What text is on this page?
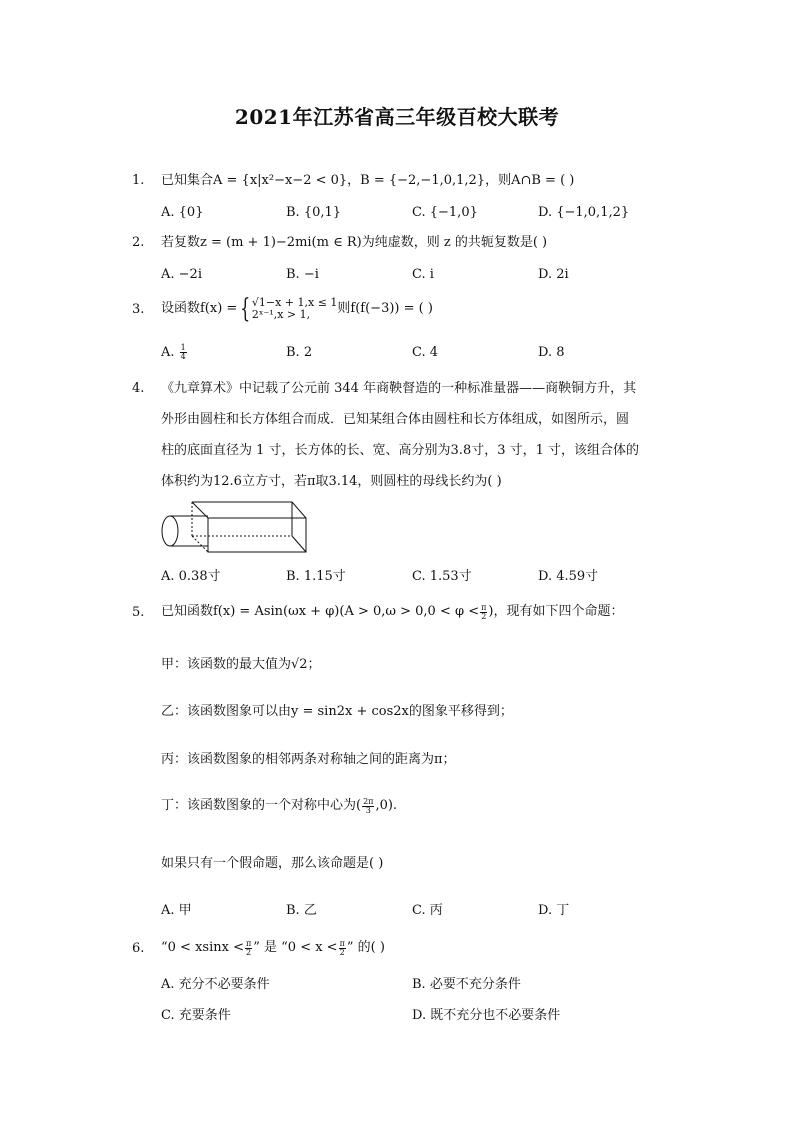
2021年江苏省高三年级百校大联考
1. 已知集合A = {x|x²−x−2 < 0}，B = {−2,−1,0,1,2}，则A∩B = ( )
A. {0}	B. {0,1}	C. {−1,0}	D. {−1,0,1,2}
2. 若复数z = (m + 1)−2mi(m ∈ R)为纯虚数，则 z 的共轭复数是( )
A. −2i	B. −i	C. i	D. 2i
3. 设函数f(x) = { √1−x + 1,x ≤ 1
2ˣ⁻¹,x > 1,	则f(f(−3)) = ( )
A. $\frac{1}{4}$	B. 2	C. 4	D. 8
4. 《九章算术》中记载了公元前 344 年商鞅督造的一种标准量器——商鞅铜方升，其
外形由圆柱和长方体组合而成．已知某组合体由圆柱和长方体组成，如图所示，圆
柱的底面直径为 1 寸，长方体的长、宽、高分别为3.8寸，3 寸，1 寸，该组合体的
体积约为12.6立方寸，若π取3.14，则圆柱的母线长约为( )
A. 0.38寸	B. 1.15寸	C. 1.53寸	D. 4.59寸
5. 已知函数$f(x) = Asin(\omega x + \varphi)(A > 0,\omega > 0,0 < \varphi < \frac{\pi}{2}$ )，现有如下四个命题：
甲：该函数的最大值为√2；
乙：该函数图象可以由y = sin2x + cos2x的图象平移得到；
丙：该函数图象的相邻两条对称轴之间的距离为π；
丁：该函数图象的一个对称中心为( $\frac{2\pi}{3} ,0$).
如果只有一个假命题，那么该命题是( )
A. 甲	B. 乙	C. 丙	D. 丁
6. “$0 < xsinx < \frac{\pi}{2}$ ” 是 “$0 < x < \frac{\pi}{2}$ ” 的( )
A. 充分不必要条件	B. 必要不充分条件
C. 充要条件	D. 既不充分也不必要条件
